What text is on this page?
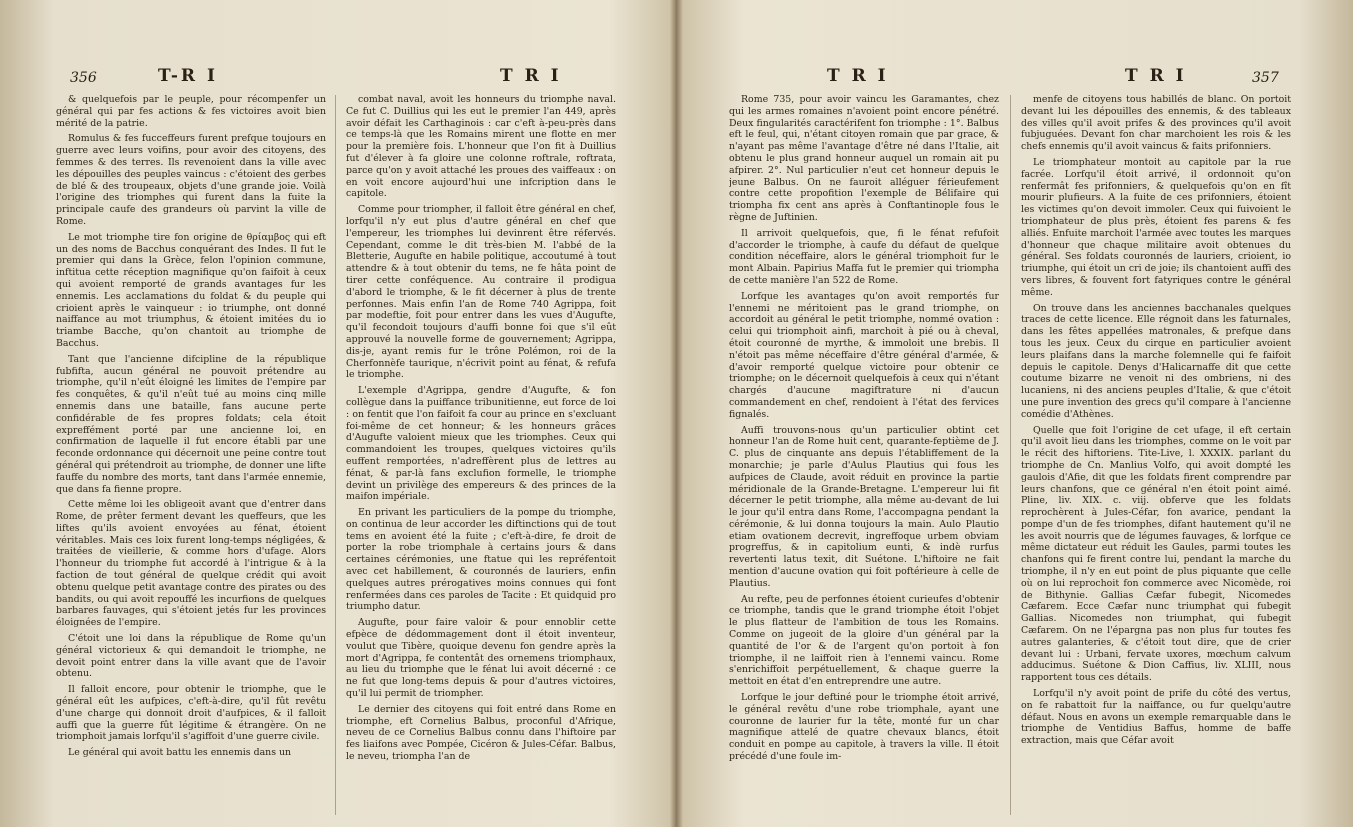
356	T-R I	T R I

& quelquefois par le peuple, pour récompenfer un général qui par fes actions & fes victoires avoit bien mérité de la patrie.

Romulus & fes fucceffeurs furent prefque toujours en guerre avec leurs voifins, pour avoir des citoyens, des femmes & des terres. Ils revenoient dans la ville avec les dépouilles des peuples vaincus : c'étoient des gerbes de blé & des troupeaux, objets d'une grande joie. Voilà l'origine des triomphes qui furent dans la fuite la principale caufe des grandeurs où parvint la ville de Rome.

Le mot triomphe tire fon origine de θρίαμβος qui eft un des noms de Bacchus conquérant des Indes. Il fut le premier qui dans la Grèce, felon l'opinion commune, inftitua cette réception magnifique qu'on faifoit à ceux qui avoient remporté de grands avantages fur les ennemis. Les acclamations du foldat & du peuple qui crioient après le vainqueur : io triumphe, ont donné naiffance au mot triumphus, & étoient imitées du io triambe Bacche, qu'on chantoit au triomphe de Bacchus.

Tant que l'ancienne difcipline de la république fubfifta, aucun général ne pouvoit prétendre au triomphe, qu'il n'eût éloigné les limites de l'empire par fes conquêtes, & qu'il n'eût tué au moins cinq mille ennemis dans une bataille, fans aucune perte confidérable de fes propres foldats; cela étoit expreffément porté par une ancienne loi, en confirmation de laquelle il fut encore établi par une feconde ordonnance qui décernoit une peine contre tout général qui prétendroit au triomphe, de donner une lifte fauffe du nombre des morts, tant dans l'armée ennemie, que dans fa fienne propre.

Cette même loi les obligeoit avant que d'entrer dans Rome, de prêter ferment devant les queffeurs, que les liftes qu'ils avoient envoyées au fénat, étoient véritables. Mais ces loix furent long-temps négligées, & traitées de vieillerie, & comme hors d'ufage. Alors l'honneur du triomphe fut accordé à l'intrigue & à la faction de tout général de quelque crédit qui avoit obtenu quelque petit avantage contre des pirates ou des bandits, ou qui avoit repouffé les incurfions de quelques barbares fauvages, qui s'étoient jetés fur les provinces éloignées de l'empire.

C'étoit une loi dans la république de Rome qu'un général victorieux & qui demandoit le triomphe, ne devoit point entrer dans la ville avant que de l'avoir obtenu.

Il falloit encore, pour obtenir le triomphe, que le général eût les aufpices, c'eft-à-dire, qu'il fût revêtu d'une charge qui donnoit droit d'aufpices, & il falloit auffi que la guerre fût légitime & étrangère. On ne triomphoit jamais lorfqu'il s'agiffoit d'une guerre civile.

Le général qui avoit battu les ennemis dans un

combat naval, avoit les honneurs du triomphe naval. Ce fut C. Duillius qui les eut le premier l'an 449, après avoir défait les Carthaginois : car c'eft à-peu-près dans ce temps-là que les Romains mirent une flotte en mer pour la première fois. L'honneur que l'on fit à Duillius fut d'élever à fa gloire une colonne roftrale, roftrata, parce qu'on y avoit attaché les proues des vaiffeaux : on en voit encore aujourd'hui une infcription dans le capitole.

Comme pour triompher, il falloit être général en chef, lorfqu'il n'y eut plus d'autre général en chef que l'empereur, les triomphes lui devinrent être réfervés. Cependant, comme le dit très-bien M. l'abbé de la Bletterie, Augufte en habile politique, accoutumé à tout attendre & à tout obtenir du tems, ne fe hâta point de tirer cette conféquence. Au contraire il prodigua d'abord le triomphe, & le fit décerner à plus de trente perfonnes. Mais enfin l'an de Rome 740 Agrippa, foit par modeftie, foit pour entrer dans les vues d'Augufte, qu'il fecondoit toujours d'auffi bonne foi que s'il eût approuvé la nouvelle forme de gouvernement; Agrippa, dis-je, ayant remis fur le trône Polémon, roi de la Cherfonnèfe taurique, n'écrivit point au fénat, & refufa le triomphe.

L'exemple d'Agrippa, gendre d'Augufte, & fon collègue dans la puiffance tribunitienne, eut force de loi : on fentit que l'on faifoit fa cour au prince en s'excluant foi-même de cet honneur; & les honneurs grâces d'Augufte valoient mieux que les triomphes. Ceux qui commandoient les troupes, quelques victoires qu'ils euffent remportées, n'adreffèrent plus de lettres au fénat, & par-là fans exclufion formelle, le triomphe devint un privilège des empereurs & des princes de la maifon impériale.

En privant les particuliers de la pompe du triomphe, on continua de leur accorder les diftinctions qui de tout tems en avoient été la fuite ; c'eft-à-dire, fe droit de porter la robe triomphale à certains jours & dans certaines cérémonies, une ftatue qui les repréfentoit avec cet habillement, & couronnés de lauriers, enfin quelques autres prérogatives moins connues qui font renfermées dans ces paroles de Tacite : Et quidquid pro triumpho datur.

Augufte, pour faire valoir & pour ennoblir cette efpèce de dédommagement dont il étoit inventeur, voulut que Tibère, quoique devenu fon gendre après la mort d'Agrippa, fe contentât des ornemens triomphaux, au lieu du triomphe que le fénat lui avoit décerné : ce ne fut que long-tems depuis & pour d'autres victoires, qu'il lui permit de triompher.

Le dernier des citoyens qui foit entré dans Rome en triomphe, eft Cornelius Balbus, proconful d'Afrique, neveu de ce Cornelius Balbus connu dans l'hiftoire par fes liaifons avec Pompée, Cicéron & Jules-Céfar. Balbus, le neveu, triompha l'an de

T R I	T R I	357

Rome 735, pour avoir vaincu les Garamantes, chez qui les armes romaines n'avoient point encore pénétré. Deux fingularités caractérifent fon triomphe : 1°. Balbus eft le feul, qui, n'étant citoyen romain que par grace, & n'ayant pas même l'avantage d'être né dans l'Italie, ait obtenu le plus grand honneur auquel un romain ait pu afpirer. 2°. Nul particulier n'eut cet honneur depuis le jeune Balbus. On ne fauroit alléguer férieufement contre cette propofition l'exemple de Bélifaire qui triompha fix cent ans après à Conftantinople fous le règne de Juftinien.

Il arrivoit quelquefois, que, fi le fénat refufoit d'accorder le triomphe, à caufe du défaut de quelque condition néceffaire, alors le général triomphoit fur le mont Albain. Papirius Maffa fut le premier qui triompha de cette manière l'an 522 de Rome.

Lorfque les avantages qu'on avoit remportés fur l'ennemi ne méritoient pas le grand triomphe, on accordoit au général le petit triomphe, nommé ovation : celui qui triomphoit ainfi, marchoit à pié ou à cheval, étoit couronné de myrthe, & immoloit une brebis. Il n'étoit pas même néceffaire d'être général d'armée, & d'avoir remporté quelque victoire pour obtenir ce triomphe; on le décernoit quelquefois à ceux qui n'étant chargés d'aucune magiftrature ni d'aucun commandement en chef, rendoient à l'état des fervices fignalés.

Auffi trouvons-nous qu'un particulier obtint cet honneur l'an de Rome huit cent, quarante-feptième de J. C. plus de cinquante ans depuis l'établiffement de la monarchie; je parle d'Aulus Plautius qui fous les aufpices de Claude, avoit réduit en province la partie méridionale de la Grande-Bretagne. L'empereur lui fit décerner le petit triomphe, alla même au-devant de lui le jour qu'il entra dans Rome, l'accompagna pendant la cérémonie, & lui donna toujours la main. Aulo Plautio etiam ovationem decrevit, ingreffoque urbem obviam progreffus, & in capitolium eunti, & indè rurfus revertenti latus texit, dit Suétone. L'hiftoire ne fait mention d'aucune ovation qui foit poftérieure à celle de Plautius.

Au refte, peu de perfonnes étoient curieufes d'obtenir ce triomphe, tandis que le grand triomphe étoit l'objet le plus flatteur de l'ambition de tous les Romains. Comme on jugeoit de la gloire d'un général par la quantité de l'or & de l'argent qu'on portoit à fon triomphe, il ne laiffoit rien à l'ennemi vaincu. Rome s'enrichiffoit perpétuellement, & chaque guerre la mettoit en état d'en entreprendre une autre.

Lorfque le jour deftiné pour le triomphe étoit arrivé, le général revêtu d'une robe triomphale, ayant une couronne de laurier fur la tête, monté fur un char magnifique attelé de quatre chevaux blancs, étoit conduit en pompe au capitole, à travers la ville. Il étoit précédé d'une foule im-

menfe de citoyens tous habillés de blanc. On portoit devant lui les dépouilles des ennemis, & des tableaux des villes qu'il avoit prifes & des provinces qu'il avoit fubjuguées. Devant fon char marchoient les rois & les chefs ennemis qu'il avoit vaincus & faits prifonniers.

Le triomphateur montoit au capitole par la rue facrée. Lorfqu'il étoit arrivé, il ordonnoit qu'on renfermât fes prifonniers, & quelquefois qu'on en fît mourir plufieurs. A la fuite de ces prifonniers, étoient les victimes qu'on devoit immoler. Ceux qui fuivoient le triomphateur de plus près, étoient fes parens & fes alliés. Enfuite marchoit l'armée avec toutes les marques d'honneur que chaque militaire avoit obtenues du général. Ses foldats couronnés de lauriers, crioient, io triumphe, qui étoit un cri de joie; ils chantoient auffi des vers libres, & fouvent fort fatyriques contre le général même.

On trouve dans les anciennes bacchanales quelques traces de cette licence. Elle régnoit dans les faturnales, dans les fêtes appellées matronales, & prefque dans tous les jeux. Ceux du cirque en particulier avoient leurs plaifans dans la marche folemnelle qui fe faifoit depuis le capitole. Denys d'Halicarnaffe dit que cette coutume bizarre ne venoit ni des ombriens, ni des lucaniens, ni des anciens peuples d'Italie, & que c'étoit une pure invention des grecs qu'il compare à l'ancienne comédie d'Athènes.

Quelle que foit l'origine de cet ufage, il eft certain qu'il avoit lieu dans les triomphes, comme on le voit par le récit des hiftoriens. Tite-Live, l. XXXIX. parlant du triomphe de Cn. Manlius Volfo, qui avoit dompté les gaulois d'Afie, dit que les foldats firent comprendre par leurs chanfons, que ce général n'en étoit point aimé. Pline, liv. XIX. c. viij. obferve que les foldats reprochèrent à Jules-Céfar, fon avarice, pendant la pompe d'un de fes triomphes, difant hautement qu'il ne les avoit nourris que de légumes fauvages, & lorfque ce même dictateur eut réduit les Gaules, parmi toutes les chanfons qui fe firent contre lui, pendant la marche du triomphe, il n'y en eut point de plus piquante que celle où on lui reprochoit fon commerce avec Nicomède, roi de Bithynie. Gallias Cæfar fubegit, Nicomedes Cæfarem. Ecce Cæfar nunc triumphat qui fubegit Gallias. Nicomedes non triumphat, qui fubegit Cæfarem. On ne l'épargna pas non plus fur toutes fes autres galanteries, & c'étoit tout dire, que de crier devant lui : Urbani, fervate uxores, mœchum calvum adducimus. Suétone & Dion Caffius, liv. XLIII, nous rapportent tous ces détails.

Lorfqu'il n'y avoit point de prife du côté des vertus, on fe rabattoit fur la naiffance, ou fur quelqu'autre défaut. Nous en avons un exemple remarquable dans le triomphe de Ventidius Baffus, homme de baffe extraction, mais que Céfar avoit
